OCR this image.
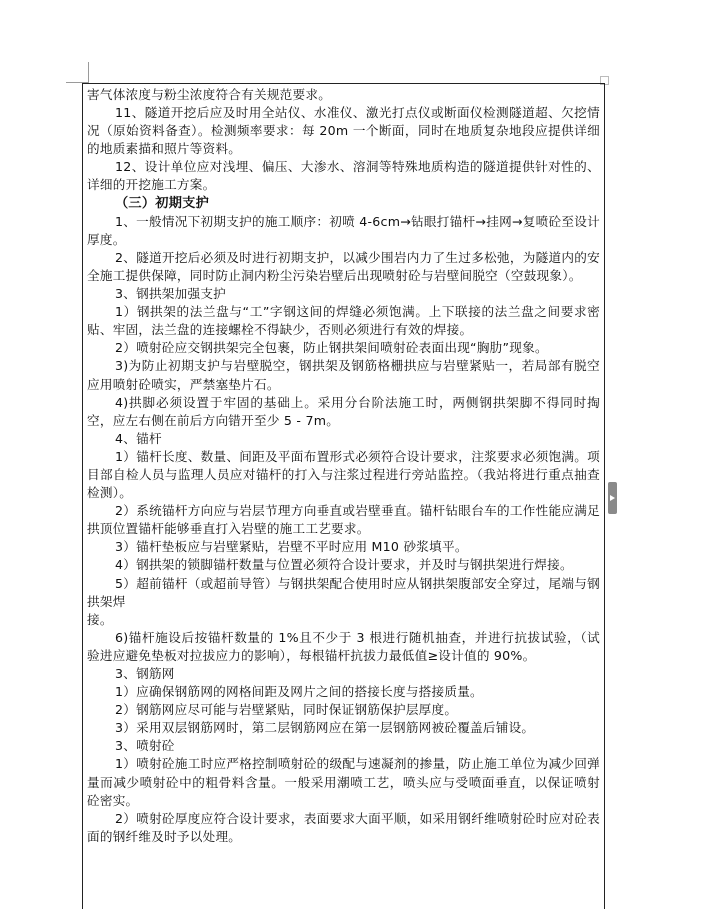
害气体浓度与粉尘浓度符合有关规范要求。

11、隧道开挖后应及时用全站仪、水准仪、激光打点仪或断面仪检测隧道超、欠挖情况（原始资料备查）。检测频率要求：每 20m 一个断面，同时在地质复杂地段应提供详细的地质素描和照片等资料。

12、设计单位应对浅埋、偏压、大渗水、溶洞等特殊地质构造的隧道提供针对性的、详细的开挖施工方案。

（三）初期支护

1、一般情况下初期支护的施工顺序：初喷 4-6cm→钻眼打锚杆→挂网→复喷砼至设计厚度。

2、隧道开挖后必须及时进行初期支护，以减少围岩内力了生过多松弛，为隧道内的安全施工提供保障，同时防止洞内粉尘污染岩壁后出现喷射砼与岩壁间脱空（空鼓现象）。

3、钢拱架加强支护

1）钢拱架的法兰盘与“工”字钢这间的焊缝必须饱满。上下联接的法兰盘之间要求密贴、牢固，法兰盘的连接螺栓不得缺少，否则必须进行有效的焊接。

2）喷射砼应交钢拱架完全包裹，防止钢拱架间喷射砼表面出现“胸肋”现象。

3)为防止初期支护与岩壁脱空，钢拱架及钢筋格栅拱应与岩壁紧贴一，若局部有脱空应用喷射砼喷实，严禁塞垫片石。

4)拱脚必须设置于牢固的基础上。采用分台阶法施工时，两侧钢拱架脚不得同时掏空，应左右侧在前后方向错开至少 5 - 7m。

4、锚杆

1）锚杆长度、数量、间距及平面布置形式必须符合设计要求，注浆要求必须饱满。项目部自检人员与监理人员应对锚杆的打入与注浆过程进行旁站监控。（我站将进行重点抽查检测）。

2）系统锚杆方向应与岩层节理方向垂直或岩壁垂直。锚杆钻眼台车的工作性能应满足拱顶位置锚杆能够垂直打入岩壁的施工工艺要求。

3）锚杆垫板应与岩壁紧贴，岩壁不平时应用 M10 砂浆填平。

4）钢拱架的锁脚锚杆数量与位置必须符合设计要求，并及时与钢拱架进行焊接。

5）超前锚杆（或超前导管）与钢拱架配合使用时应从钢拱架腹部安全穿过，尾端与钢拱架焊

接。

6)锚杆施设后按锚杆数量的 1%且不少于 3 根进行随机抽查，并进行抗拔试验，（试验进应避免垫板对拉拔应力的影响），每根锚杆抗拔力最低值≥设计值的 90%。

3、钢筋网

1）应确保钢筋网的网格间距及网片之间的搭接长度与搭接质量。

2）钢筋网应尽可能与岩壁紧贴，同时保证钢筋保护层厚度。

3）采用双层钢筋网时，第二层钢筋网应在第一层钢筋网被砼覆盖后铺设。

3、喷射砼

1）喷射砼施工时应严格控制喷射砼的级配与速凝剂的掺量，防止施工单位为减少回弹量而减少喷射砼中的粗骨料含量。一般采用潮喷工艺，喷头应与受喷面垂直，以保证喷射砼密实。

2）喷射砼厚度应符合设计要求，表面要求大面平顺，如采用钢纤维喷射砼时应对砼表面的钢纤维及时予以处理。
